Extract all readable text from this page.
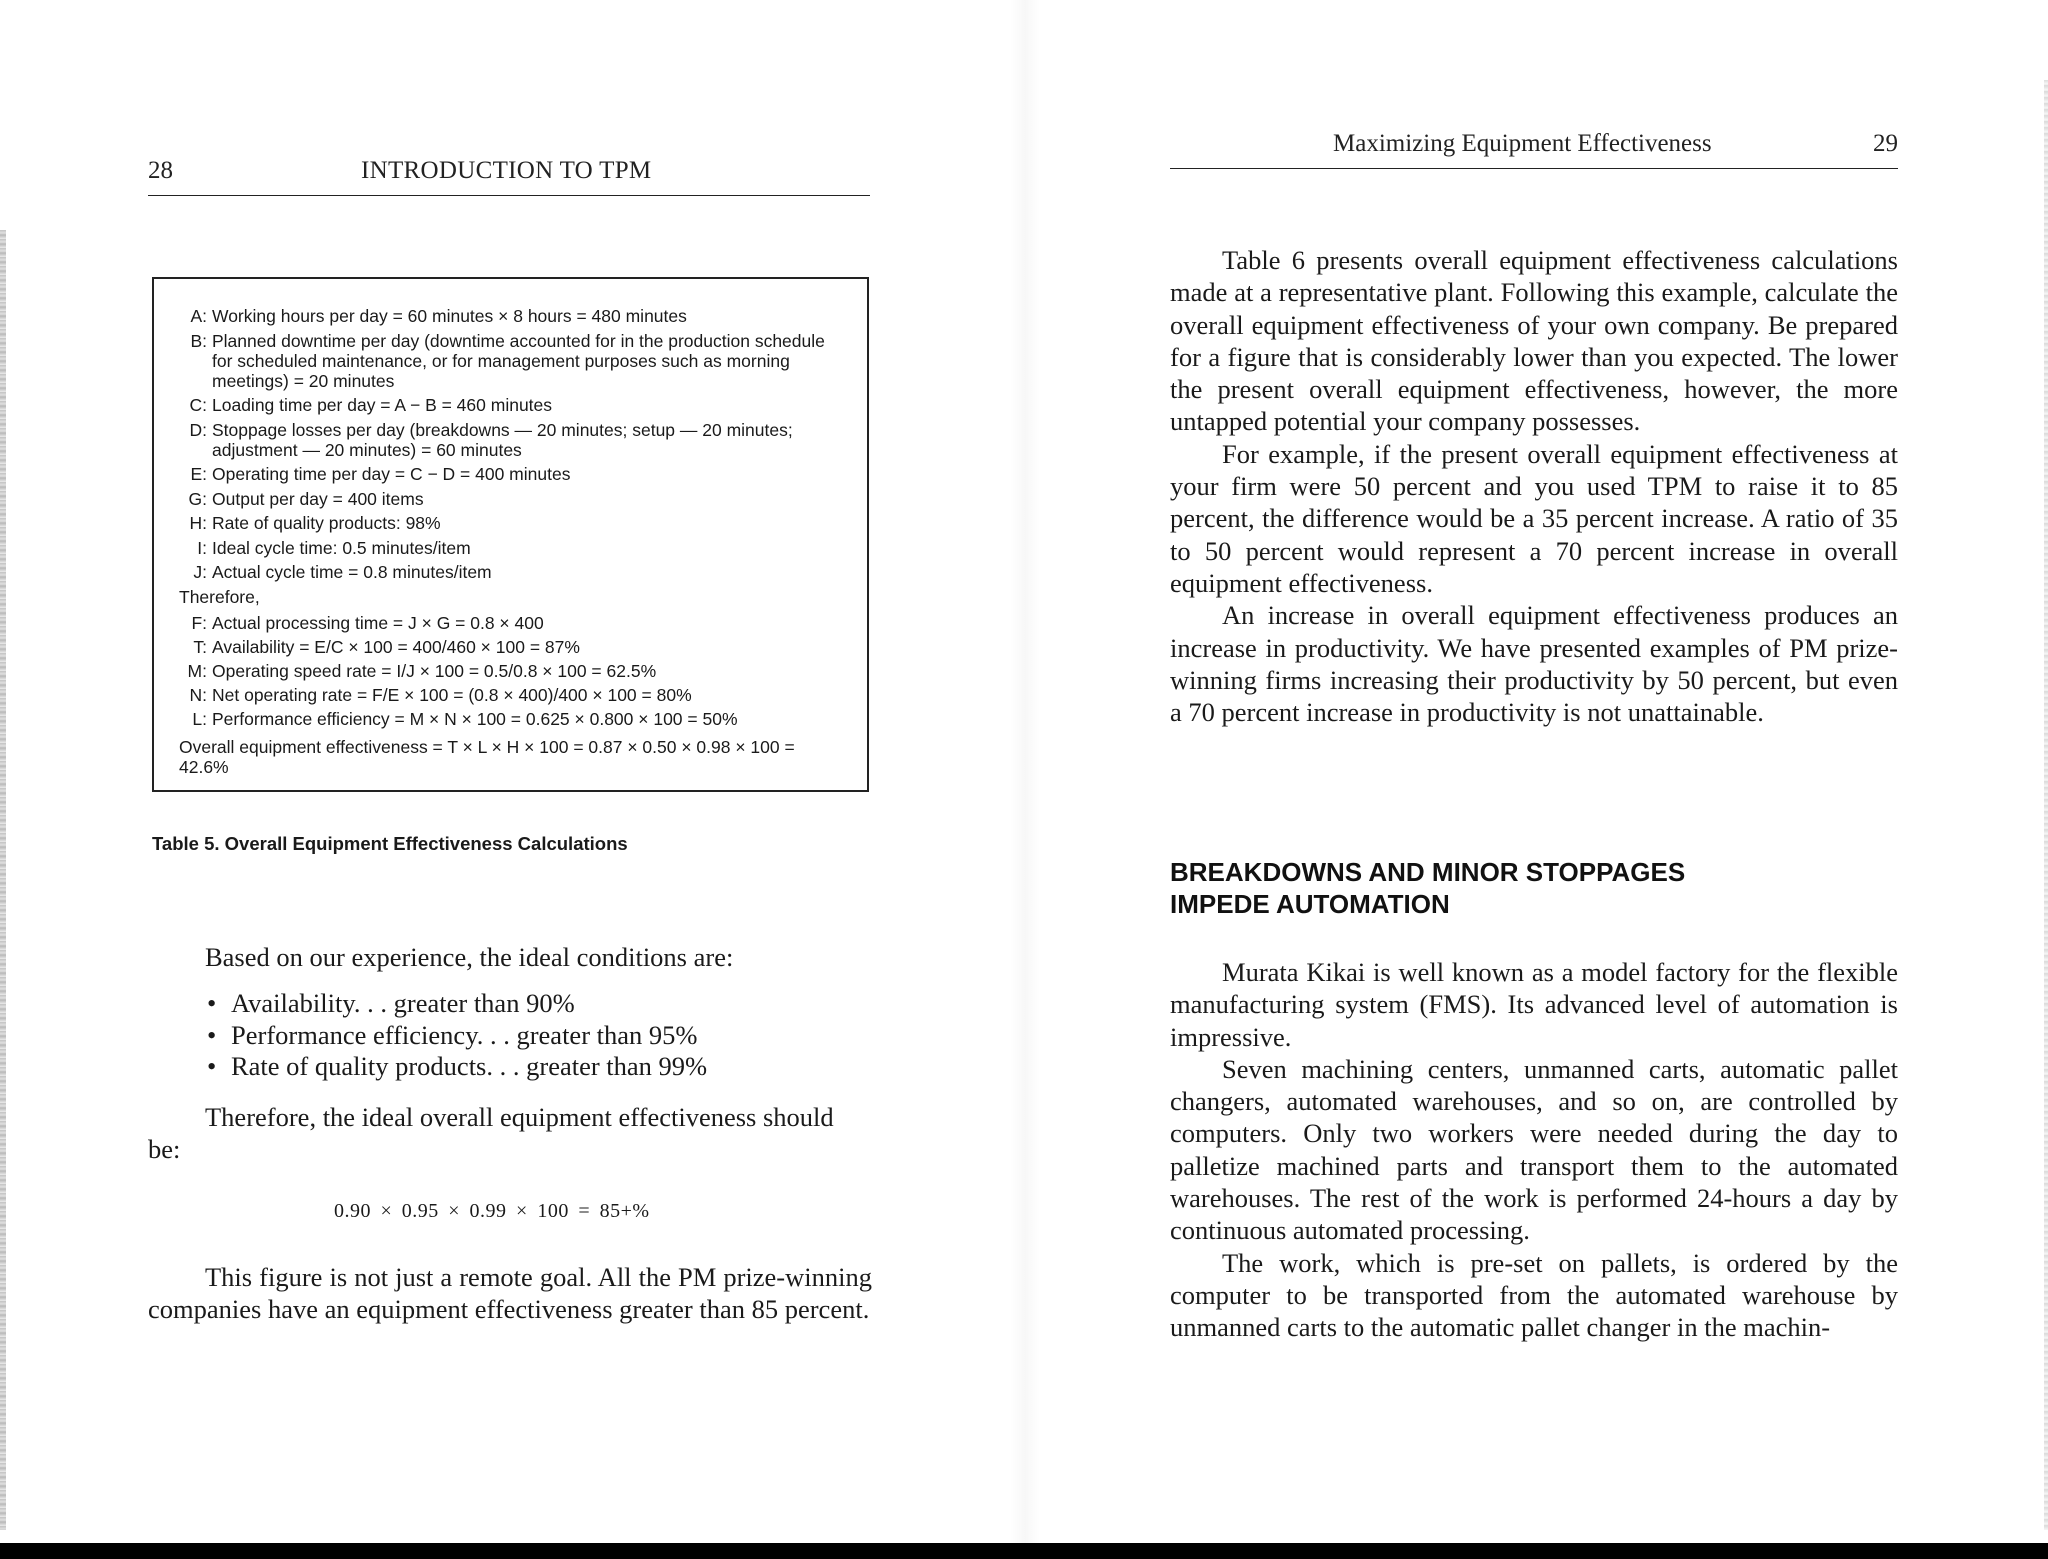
28	INTRODUCTION TO TPM
A: Working hours per day = 60 minutes × 8 hours = 480 minutes
B: Planned downtime per day (downtime accounted for in the production schedule for scheduled maintenance, or for management purposes such as morning meetings) = 20 minutes
C: Loading time per day = A − B = 460 minutes
D: Stoppage losses per day (breakdowns — 20 minutes; setup — 20 minutes; adjustment — 20 minutes) = 60 minutes
E: Operating time per day = C − D = 400 minutes
G: Output per day = 400 items
H: Rate of quality products: 98%
I: Ideal cycle time: 0.5 minutes/item
J: Actual cycle time = 0.8 minutes/item
Therefore,
F: Actual processing time = J × G = 0.8 × 400
T: Availability = E/C × 100 = 400/460 × 100 = 87%
M: Operating speed rate = I/J × 100 = 0.5/0.8 × 100 = 62.5%
N: Net operating rate = F/E × 100 = (0.8 × 400)/400 × 100 = 80%
L: Performance efficiency = M × N × 100 = 0.625 × 0.800 × 100 = 50%
Overall equipment effectiveness = T × L × H × 100 = 0.87 × 0.50 × 0.98 × 100 = 42.6%
Table 5. Overall Equipment Effectiveness Calculations
Based on our experience, the ideal conditions are:
• Availability. . . greater than 90%
• Performance efficiency. . . greater than 95%
• Rate of quality products. . . greater than 99%
Therefore, the ideal overall equipment effectiveness should be:
0.90 × 0.95 × 0.99 × 100 = 85+%
This figure is not just a remote goal. All the PM prize-winning companies have an equipment effectiveness greater than 85 percent.
Maximizing Equipment Effectiveness	29

Table 6 presents overall equipment effectiveness calculations made at a representative plant. Following this example, calculate the overall equipment effectiveness of your own company. Be prepared for a figure that is considerably lower than you expected. The lower the present overall equipment effectiveness, however, the more untapped potential your company possesses.

For example, if the present overall equipment effectiveness at your firm were 50 percent and you used TPM to raise it to 85 percent, the difference would be a 35 percent increase. A ratio of 35 to 50 percent would represent a 70 percent increase in overall equipment effectiveness.

An increase in overall equipment effectiveness produces an increase in productivity. We have presented examples of PM prize-winning firms increasing their productivity by 50 percent, but even a 70 percent increase in productivity is not unattainable.

BREAKDOWNS AND MINOR STOPPAGES
IMPEDE AUTOMATION

Murata Kikai is well known as a model factory for the flexible manufacturing system (FMS). Its advanced level of automation is impressive.

Seven machining centers, unmanned carts, automatic pallet changers, automated warehouses, and so on, are controlled by computers. Only two workers were needed during the day to palletize machined parts and transport them to the automated warehouses. The rest of the work is performed 24-hours a day by continuous automated processing.

The work, which is pre-set on pallets, is ordered by the computer to be transported from the automated warehouse by unmanned carts to the automatic pallet changer in the machin-
